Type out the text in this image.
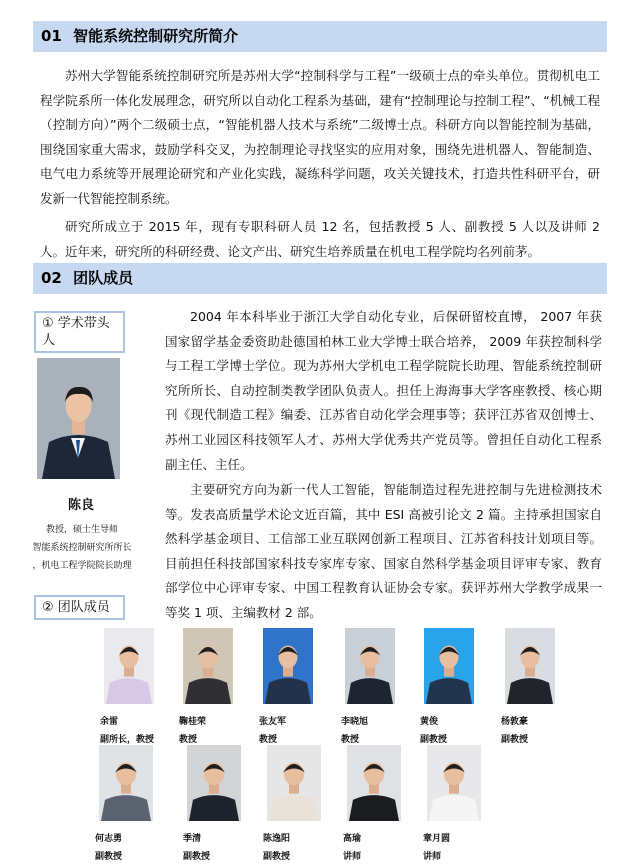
01 智能系统控制研究所简介

苏州大学智能系统控制研究所是苏州大学“控制科学与工程”一级硕士点的牵头单位。贯彻机电工程学院系所一体化发展理念，研究所以自动化工程系为基础，建有“控制理论与控制工程”、“机械工程（控制方向）”两个二级硕士点，“智能机器人技术与系统”二级博士点。科研方向以智能控制为基础，围绕国家重大需求，鼓励学科交叉，为控制理论寻找坚实的应用对象，围绕先进机器人、智能制造、电气电力系统等开展理论研究和产业化实践，凝练科学问题，攻关关键技术，打造共性科研平台，研发新一代智能控制系统。

研究所成立于 2015 年，现有专职科研人员 12 名，包括教授 5 人、副教授 5 人以及讲师 2 人。近年来，研究所的科研经费、论文产出、研究生培养质量在机电工程学院均名列前茅。

02 团队成员
① 学术带头人
陈良
教授，硕士生导师
智能系统控制研究所所长
，机电工程学院院长助理

2004 年本科毕业于浙江大学自动化专业，后保研留校直博， 2007 年获国家留学基金委资助赴德国柏林工业大学博士联合培养， 2009 年获控制科学与工程工学博士学位。现为苏州大学机电工程学院院长助理、智能系统控制研究所所长、自动控制类教学团队负责人。担任上海海事大学客座教授、核心期刊《现代制造工程》编委、江苏省自动化学会理事等；获评江苏省双创博士、苏州工业园区科技领军人才、苏州大学优秀共产党员等。曾担任自动化工程系副主任、主任。

主要研究方向为新一代人工智能，智能制造过程先进控制与先进检测技术等。发表高质量学术论文近百篇，其中 ESI 高被引论文 2 篇。主持承担国家自然科学基金项目、工信部工业互联网创新工程项目、江苏省科技计划项目等。目前担任科技部国家科技专家库专家、国家自然科学基金项目评审专家、教育部学位中心评审专家、中国工程教育认证协会专家。获评苏州大学教学成果一等奖 1 项、主编教材 2 部。

② 团队成员
余雷
副所长，教授
鞠桂荣
教授
张友军
教授
李晓旭
教授
黄俊
副教授
杨敦豪
副教授
何志勇
副教授
季清
副教授
陈逸阳
副教授
高瑜
讲师
章月圆
讲师
